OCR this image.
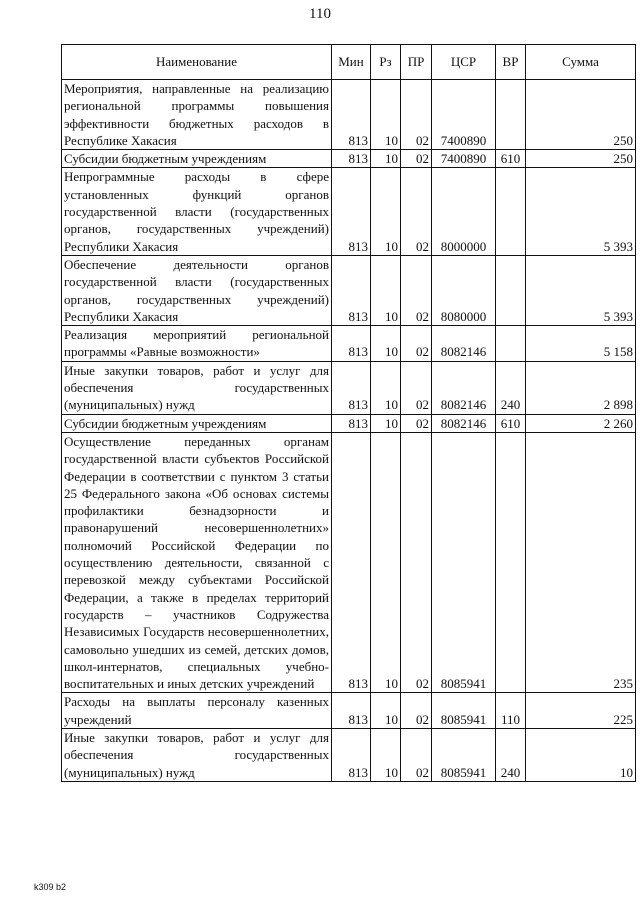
110
Наименование	Мин	Рз	ПР	ЦСР	ВР	Сумма
Мероприятия, направленные на реализацию региональной программы повышения эффективности бюджетных расходов в Республике Хакасия	813	10	02	7400890		250
Субсидии бюджетным учреждениям	813	10	02	7400890	610	250
Непрограммные расходы в сфере установленных функций органов государственной власти (государственных органов, государственных учреждений) Республики Хакасия	813	10	02	8000000		5 393
Обеспечение деятельности органов государственной власти (государственных органов, государственных учреждений) Республики Хакасия	813	10	02	8080000		5 393
Реализация мероприятий региональной программы «Равные возможности»	813	10	02	8082146		5 158
Иные закупки товаров, работ и услуг для обеспечения государственных (муниципальных) нужд	813	10	02	8082146	240	2 898
Субсидии бюджетным учреждениям	813	10	02	8082146	610	2 260
Осуществление переданных органам государственной власти субъектов Российской Федерации в соответствии с пунктом 3 статьи 25 Федерального закона «Об основах системы профилактики безнадзорности и правонарушений несовершеннолетних» полномочий Российской Федерации по осуществлению деятельности, связанной с перевозкой между субъектами Российской Федерации, а также в пределах территорий государств – участников Содружества Независимых Государств несовершеннолетних, самовольно ушедших из семей, детских домов, школ-интернатов, специальных учебно-воспитательных и иных детских учреждений	813	10	02	8085941		235
Расходы на выплаты персоналу казенных учреждений	813	10	02	8085941	110	225
Иные закупки товаров, работ и услуг для обеспечения государственных (муниципальных) нужд	813	10	02	8085941	240	10
k309 b2
